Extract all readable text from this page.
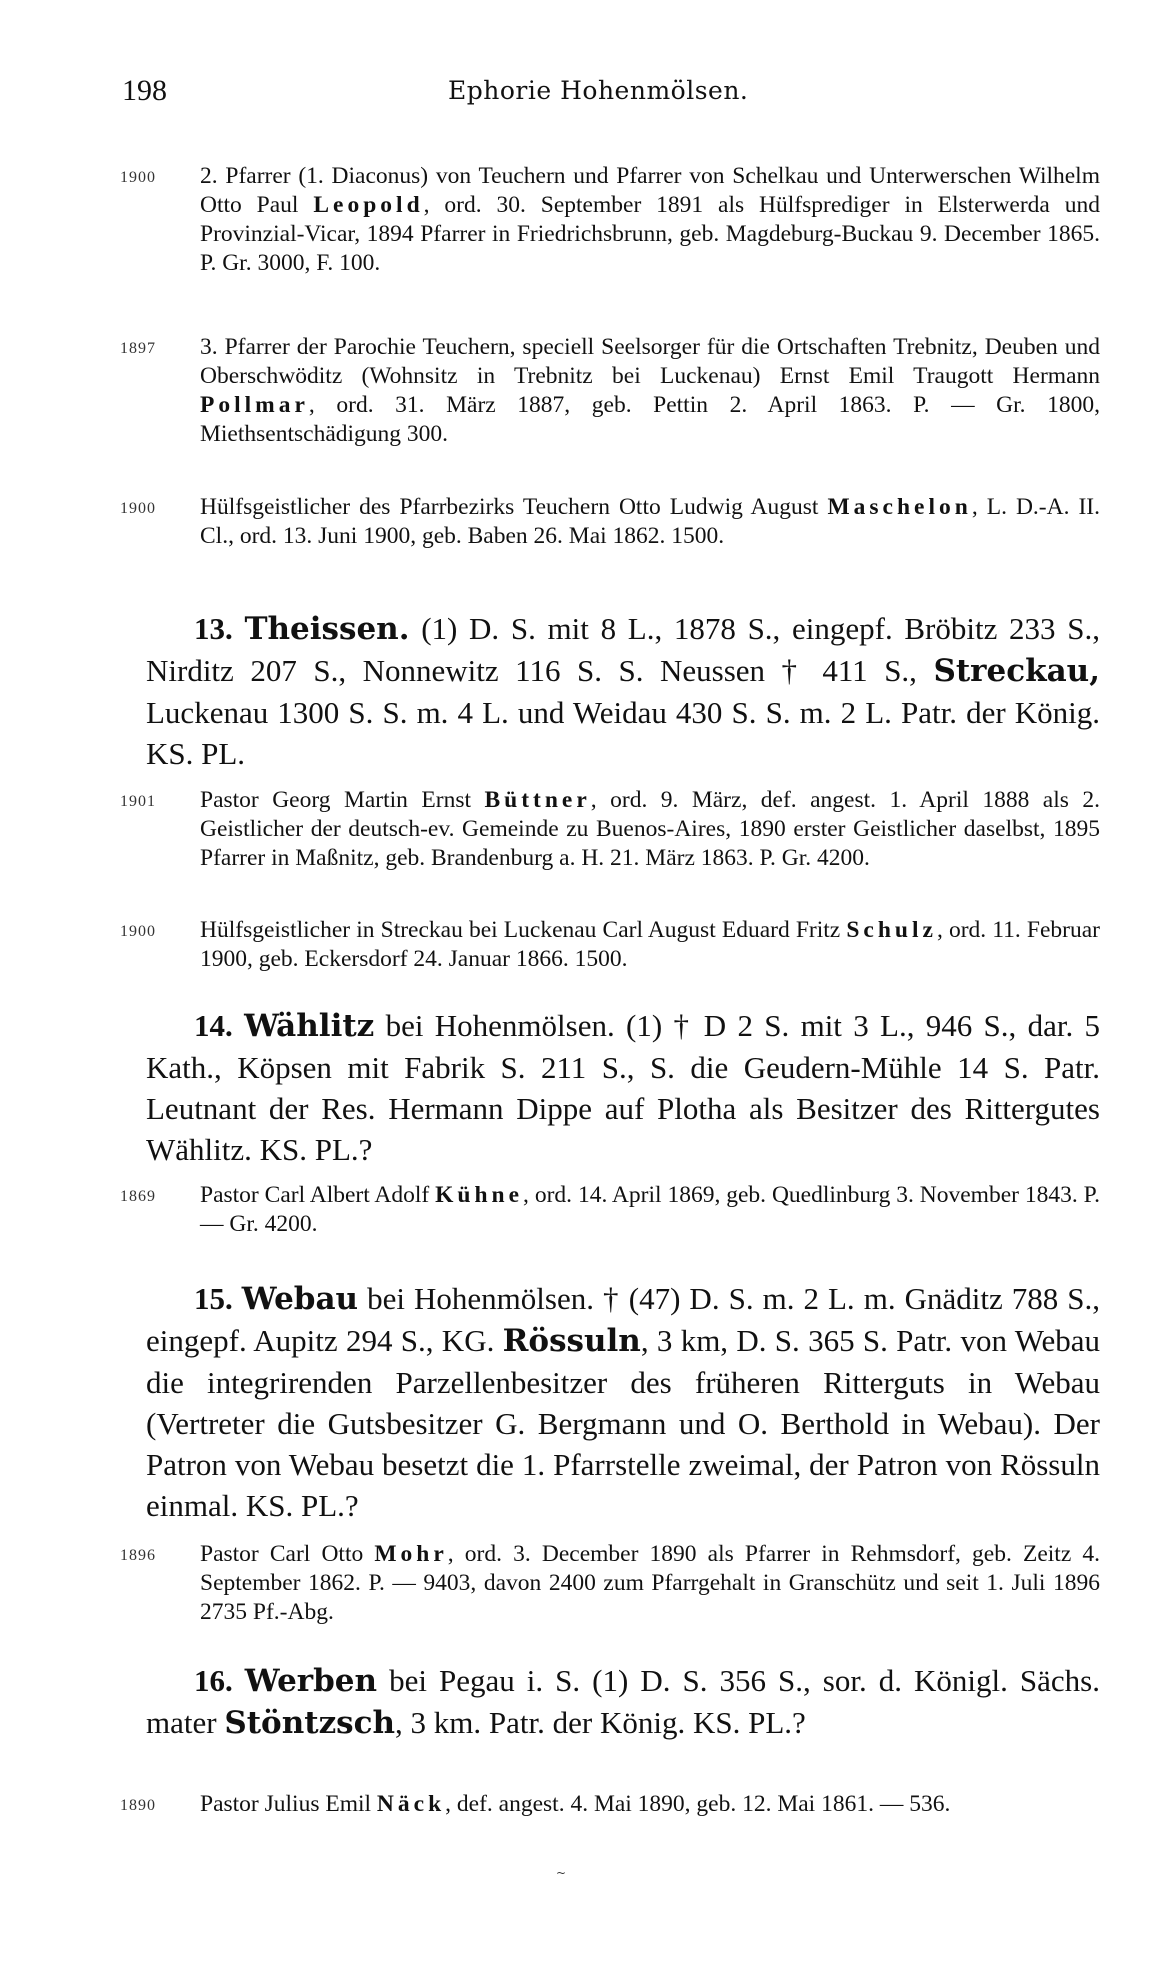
198	Ephorie Hohenmölsen.
1900	2. Pfarrer (1. Diaconus) von Teuchern und Pfarrer von Schelkau und Unterwerschen Wilhelm Otto Paul Leopold, ord. 30. September 1891 als Hülfsprediger in Elsterwerda und Provinzial-Vicar, 1894 Pfarrer in Friedrichsbrunn, geb. Magdeburg-Buckau 9. December 1865. P. Gr. 3000, F. 100.
1897	3. Pfarrer der Parochie Teuchern, speciell Seelsorger für die Ortschaften Trebnitz, Deuben und Oberschwöditz (Wohnsitz in Trebnitz bei Luckenau) Ernst Emil Traugott Hermann Pollmar, ord. 31. März 1887, geb. Pettin 2. April 1863. P. — Gr. 1800, Miethsentschädigung 300.
1900	Hülfsgeistlicher des Pfarrbezirks Teuchern Otto Ludwig August Maschelon, L. D.-A. II. Cl., ord. 13. Juni 1900, geb. Baben 26. Mai 1862. 1500.
13. Theissen. (1) D. S. mit 8 L., 1878 S., eingepf. Bröbitz 233 S., Nirditz 207 S., Nonnewitz 116 S. S. Neussen † 411 S., Streckau, Luckenau 1300 S. S. m. 4 L. und Weidau 430 S. S. m. 2 L. Patr. der König. KS. PL.
1901	Pastor Georg Martin Ernst Büttner, ord. 9. März, def. angest. 1. April 1888 als 2. Geistlicher der deutsch-ev. Gemeinde zu Buenos-Aires, 1890 erster Geistlicher daselbst, 1895 Pfarrer in Maßnitz, geb. Brandenburg a. H. 21. März 1863. P. Gr. 4200.
1900	Hülfsgeistlicher in Streckau bei Luckenau Carl August Eduard Fritz Schulz, ord. 11. Februar 1900, geb. Eckersdorf 24. Januar 1866. 1500.
14. Wählitz bei Hohenmölsen. (1) † D 2 S. mit 3 L., 946 S., dar. 5 Kath., Köpsen mit Fabrik S. 211 S., S. die Geudern-Mühle 14 S. Patr. Leutnant der Res. Hermann Dippe auf Plotha als Besitzer des Rittergutes Wählitz. KS. PL.?
1869	Pastor Carl Albert Adolf Kühne, ord. 14. April 1869, geb. Quedlinburg 3. November 1843. P. — Gr. 4200.
15. Webau bei Hohenmölsen. † (47) D. S. m. 2 L. m. Gnäditz 788 S., eingepf. Aupitz 294 S., KG. Rössuln, 3 km, D. S. 365 S. Patr. von Webau die integrirenden Parzellenbesitzer des früheren Ritterguts in Webau (Vertreter die Gutsbesitzer G. Bergmann und O. Berthold in Webau). Der Patron von Webau besetzt die 1. Pfarrstelle zweimal, der Patron von Rössuln einmal. KS. PL.?
1896	Pastor Carl Otto Mohr, ord. 3. December 1890 als Pfarrer in Rehmsdorf, geb. Zeitz 4. September 1862. P. — 9403, davon 2400 zum Pfarrgehalt in Granschütz und seit 1. Juli 1896 2735 Pf.-Abg.
16. Werben bei Pegau i. S. (1) D. S. 356 S., sor. d. Königl. Sächs. mater Stöntzsch, 3 km. Patr. der König. KS. PL.?
1890	Pastor Julius Emil Näck, def. angest. 4. Mai 1890, geb. 12. Mai 1861. — 536.
~
